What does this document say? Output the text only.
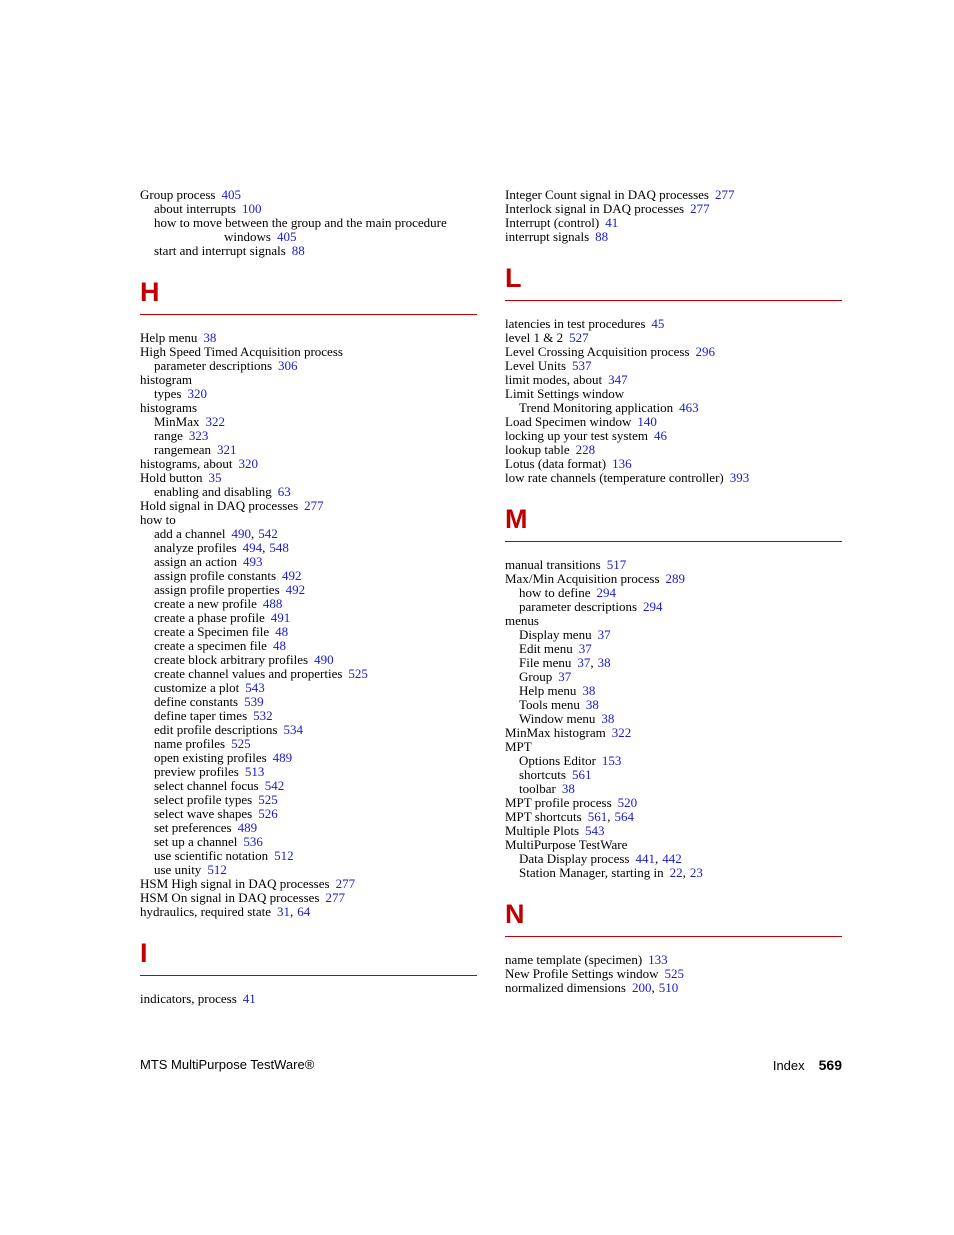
Group process 405
about interrupts 100
how to move between the group and the main procedure
windows 405
start and interrupt signals 88
H
Help menu 38
High Speed Timed Acquisition process
parameter descriptions 306
histogram
types 320
histograms
MinMax 322
range 323
rangemean 321
histograms, about 320
Hold button 35
enabling and disabling 63
Hold signal in DAQ processes 277
how to
add a channel 490, 542
analyze profiles 494, 548
assign an action 493
assign profile constants 492
assign profile properties 492
create a new profile 488
create a phase profile 491
create a Specimen file 48
create a specimen file 48
create block arbitrary profiles 490
create channel values and properties 525
customize a plot 543
define constants 539
define taper times 532
edit profile descriptions 534
name profiles 525
open existing profiles 489
preview profiles 513
select channel focus 542
select profile types 525
select wave shapes 526
set preferences 489
set up a channel 536
use scientific notation 512
use unity 512
HSM High signal in DAQ processes 277
HSM On signal in DAQ processes 277
hydraulics, required state 31, 64
I
indicators, process 41
Integer Count signal in DAQ processes 277
Interlock signal in DAQ processes 277
Interrupt (control) 41
interrupt signals 88
L
latencies in test procedures 45
level 1 & 2 527
Level Crossing Acquisition process 296
Level Units 537
limit modes, about 347
Limit Settings window
Trend Monitoring application 463
Load Specimen window 140
locking up your test system 46
lookup table 228
Lotus (data format) 136
low rate channels (temperature controller) 393
M
manual transitions 517
Max/Min Acquisition process 289
how to define 294
parameter descriptions 294
menus
Display menu 37
Edit menu 37
File menu 37, 38
Group 37
Help menu 38
Tools menu 38
Window menu 38
MinMax histogram 322
MPT
Options Editor 153
shortcuts 561
toolbar 38
MPT profile process 520
MPT shortcuts 561, 564
Multiple Plots 543
MultiPurpose TestWare
Data Display process 441, 442
Station Manager, starting in 22, 23
N
name template (specimen) 133
New Profile Settings window 525
normalized dimensions 200, 510
MTS MultiPurpose TestWare®	Index 569
